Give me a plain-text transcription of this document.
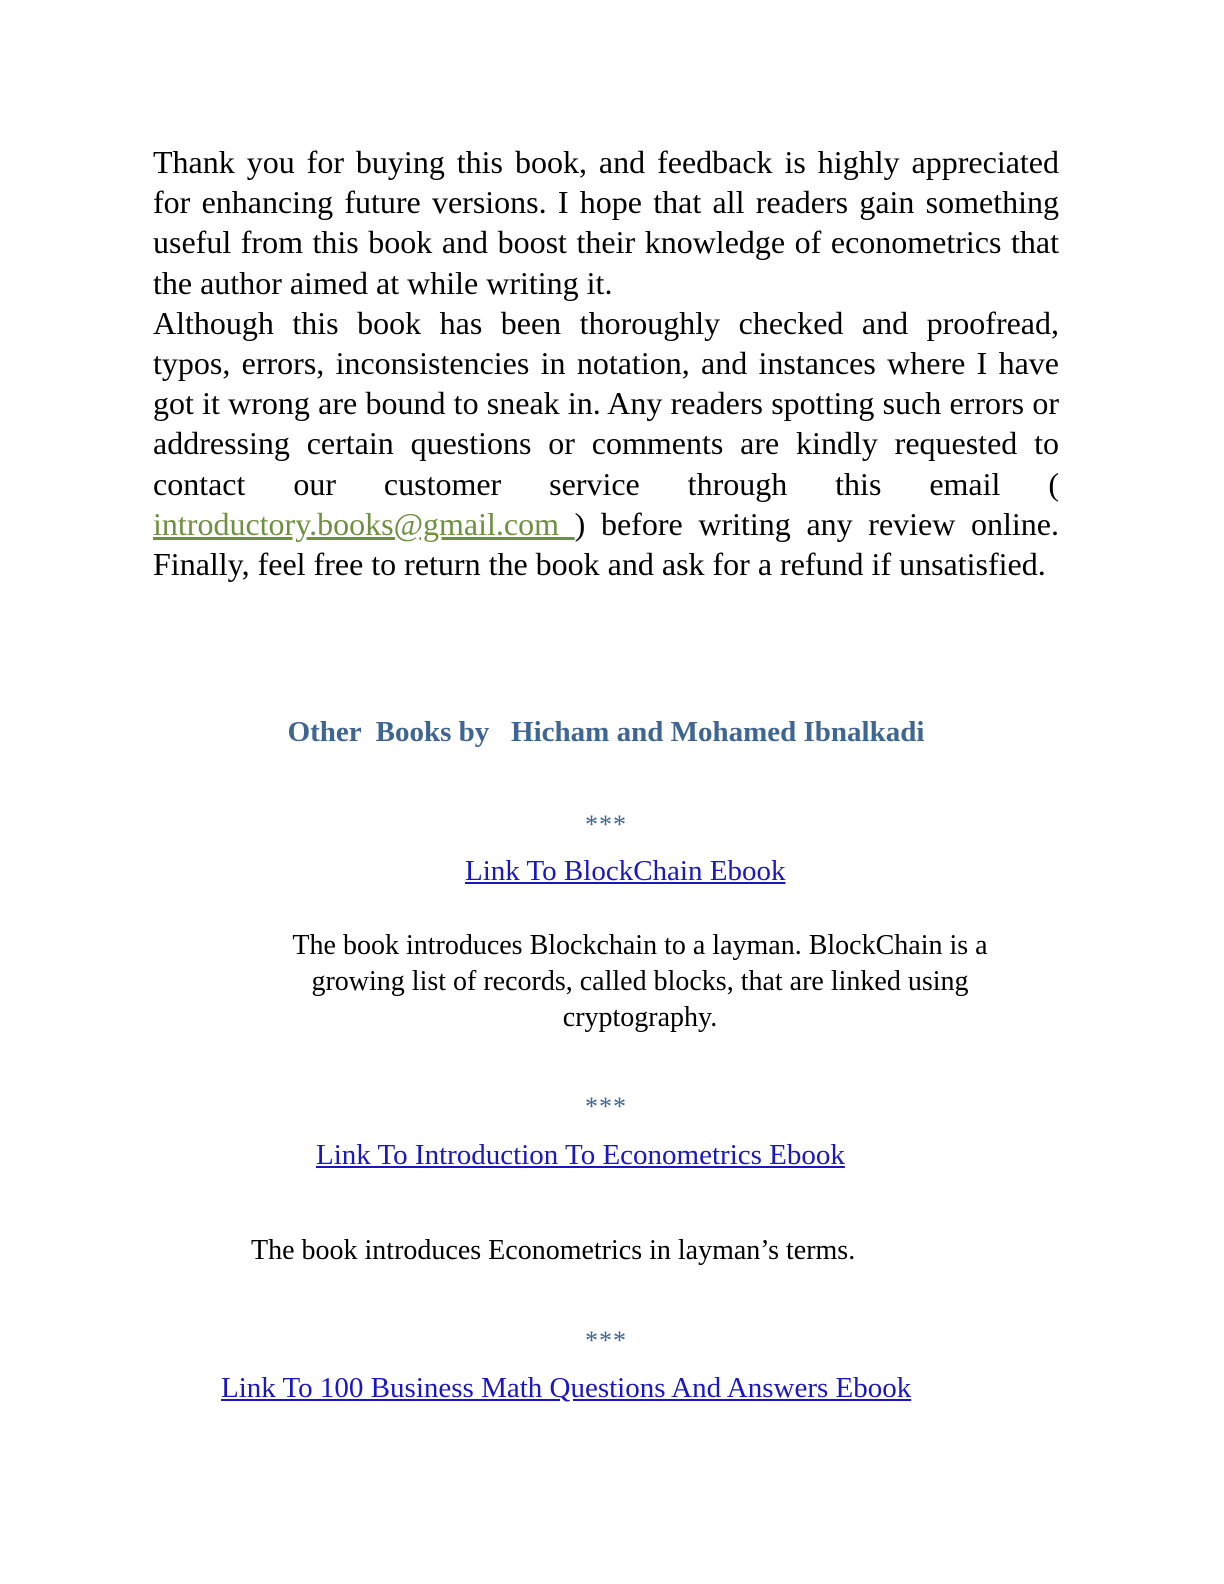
Thank you for buying this book, and feedback is highly appreciated for enhancing future versions. I hope that all readers gain something useful from this book and boost their knowledge of econometrics that the author aimed at while writing it.

Although this book has been thoroughly checked and proofread, typos, errors, inconsistencies in notation, and instances where I have got it wrong are bound to sneak in. Any readers spotting such errors or addressing certain questions or comments are kindly requested to contact our customer service through this email ( introductory.books@gmail.com ) before writing any review online. Finally, feel free to return the book and ask for a refund if unsatisfied.

Other  Books by   Hicham and Mohamed Ibnalkadi
***
Link To BlockChain Ebook

The book introduces Blockchain to a layman. BlockChain is a growing list of records, called blocks, that are linked using cryptography.

***
Link To Introduction To Econometrics Ebook

The book introduces Econometrics in layman’s terms.

***
Link To 100 Business Math Questions And Answers Ebook
